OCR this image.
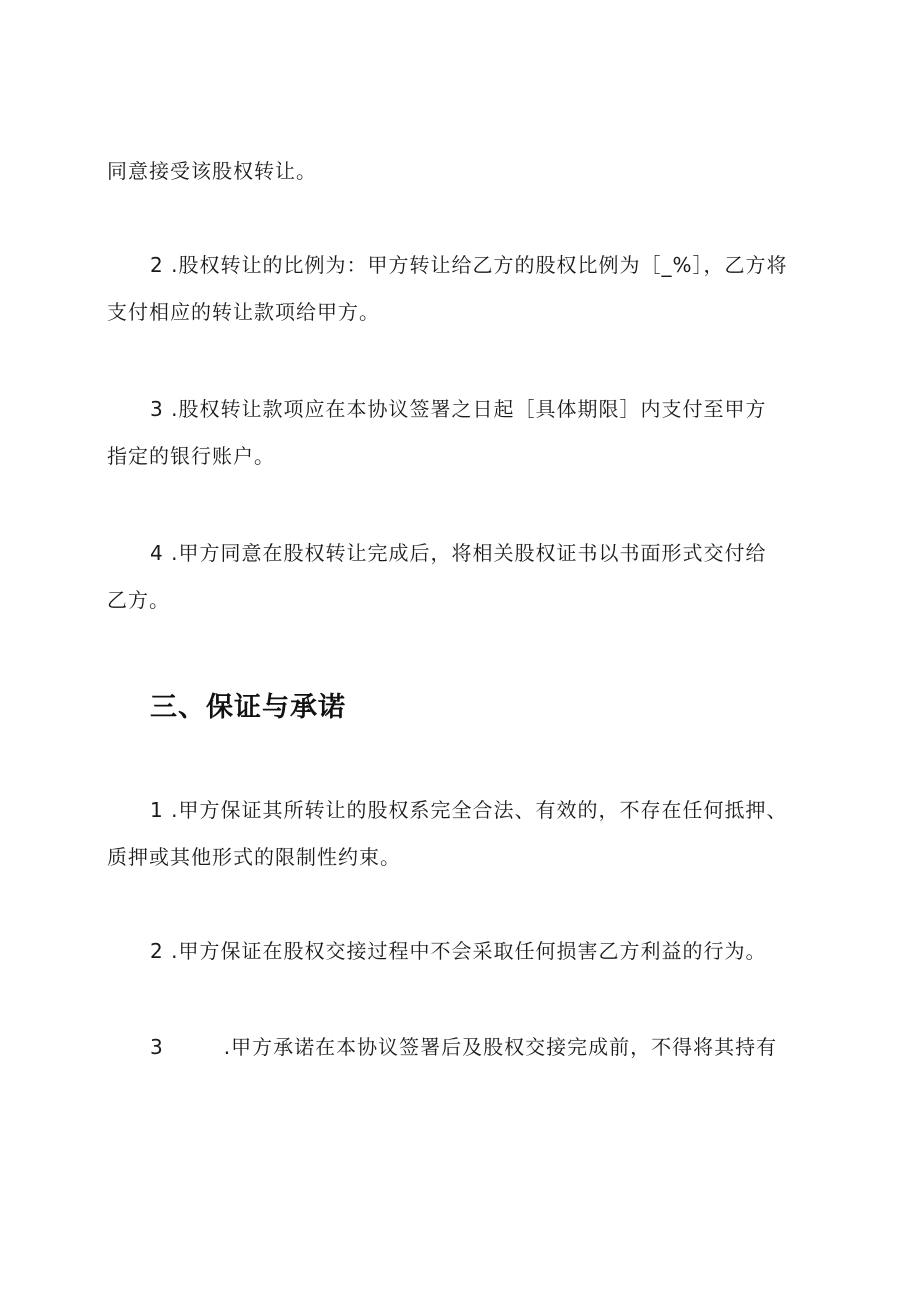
同意接受该股权转让。
2 .股权转让的比例为：甲方转让给乙方的股权比例为［_%］，乙方将
支付相应的转让款项给甲方。
3 .股权转让款项应在本协议签署之日起［具体期限］内支付至甲方
指定的银行账户。
4 .甲方同意在股权转让完成后，将相关股权证书以书面形式交付给
乙方。
三、保证与承诺
1 .甲方保证其所转让的股权系完全合法、有效的，不存在任何抵押、
质押或其他形式的限制性约束。
2 .甲方保证在股权交接过程中不会采取任何损害乙方利益的行为。
3	.甲方承诺在本协议签署后及股权交接完成前，不得将其持有
